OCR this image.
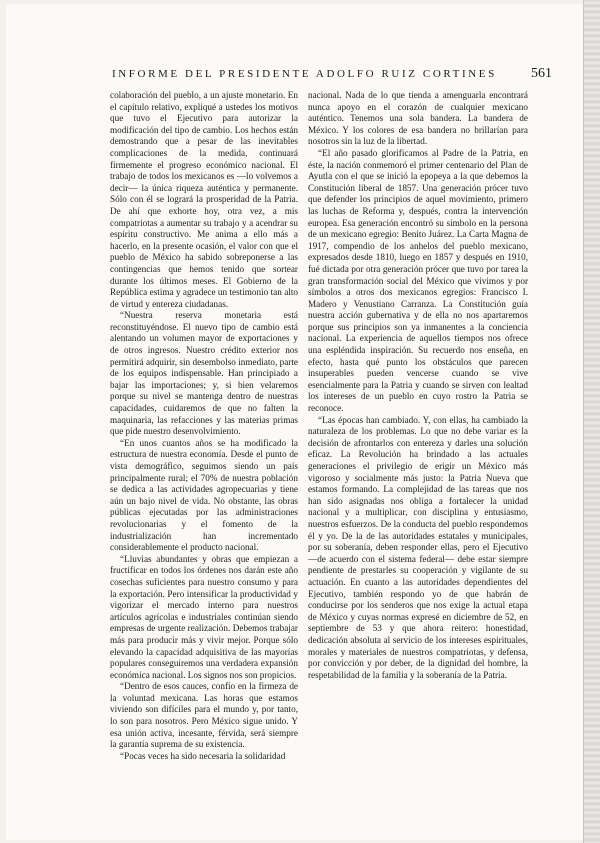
INFORME DEL PRESIDENTE ADOLFO RUIZ CORTINES	561

colaboración del pueblo, a un ajuste monetario. En el capítulo relativo, expliqué a ustedes los motivos que tuvo el Ejecutivo para autorizar la modificación del tipo de cambio. Los hechos están demostrando que a pesar de las inevitables complicaciones de la medida, continuará firmemente el progreso económico nacional. El trabajo de todos los mexicanos es —lo volvemos a decir— la única riqueza auténtica y permanente. Sólo con él se logrará la prosperidad de la Patria. De ahí que exhorte hoy, otra vez, a mis compatriotas a aumentar su trabajo y a acendrar su espíritu constructivo. Me anima a ello más a hacerlo, en la presente ocasión, el valor con que el pueblo de México ha sabido sobreponerse a las contingencias que hemos tenido que sortear durante los últimos meses. El Gobierno de la República estima y agradece un testimonio tan alto de virtud y entereza ciudadanas.

“Nuestra reserva monetaria está reconstituyéndose. El nuevo tipo de cambio está alentando un volumen mayor de exportaciones y de otros ingresos. Nuestro crédito exterior nos permitirá adquirir, sin desembolso inmediato, parte de los equipos indispensable. Han principiado a bajar las importaciones; y, si bien velaremos porque su nivel se mantenga dentro de nuestras capacidades, cuidaremos de que no falten la maquinaria, las refacciones y las materias primas que pide nuestro desenvolvimiento.

“En unos cuantos años se ha modificado la estructura de nuestra economía. Desde el punto de vista demográfico, seguimos siendo un país principalmente rural; el 70% de nuestra población se dedica a las actividades agropecuarias y tiene aún un bajo nivel de vida. No obstante, las obras públicas ejecutadas por las administraciones revolucionarias y el fomento de la industrialización han incrementado considerablemente el producto nacional.

“Lluvias abundantes y obras que empiezan a fructificar en todos los órdenes nos darán este año cosechas suficientes para nuestro consumo y para la exportación. Pero intensificar la productividad y vigorizar el mercado interno para nuestros artículos agrícolas e industriales continúan siendo empresas de urgente realización. Debemos trabajar más para producir más y vivir mejor. Porque sólo elevando la capacidad adquisitiva de las mayorías populares conseguiremos una verdadera expansión económica nacional. Los signos nos son propicios.

“Dentro de esos cauces, confío en la firmeza de la voluntad mexicana. Las horas que estamos viviendo son difíciles para el mundo y, por tanto, lo son para nosotros. Pero México sigue unido. Y esa unión activa, incesante, férvida, será siempre la garantía suprema de su existencia.

“Pocas veces ha sido necesaria la solidaridad

nacional. Nada de lo que tienda a amenguarla encontrará nunca apoyo en el corazón de cualquier mexicano auténtico. Tenemos una sola bandera. La bandera de México. Y los colores de esa bandera no brillarían para nosotros sin la luz de la libertad.

“El año pasado glorificamos al Padre de la Patria, en éste, la nación conmemoró el primer centenario del Plan de Ayutla con el que se inició la epopeya a la que debemos la Constitución liberal de 1857. Una generación prócer tuvo que defender los principios de aquel movimiento, primero las luchas de Reforma y, después, contra la intervención europea. Esa generación encontró su símbolo en la persona de un mexicano egregio: Benito Juárez. La Carta Magna de 1917, compendio de los anhelos del pueblo mexicano, expresados desde 1810, luego en 1857 y después en 1910, fué dictada por otra generación prócer que tuvo por tarea la gran transformación social del México que vivimos y por símbolos a otros dos mexicanos egregios: Francisco I. Madero y Venustiano Carranza. La Constitución guía nuestra acción gubernativa y de ella no nos apartaremos porque sus principios son ya inmanentes a la conciencia nacional. La experiencia de aquellos tiempos nos ofrece una espléndida inspiración. Su recuerdo nos enseña, en efecto, hasta qué punto los obstáculos que parecen insuperables pueden vencerse cuando se vive esencialmente para la Patria y cuando se sirven con lealtad los intereses de un pueblo en cuyo rostro la Patria se reconoce.

“Las épocas han cambiado. Y, con ellas, ha cambiado la naturaleza de los problemas. Lo que no debe variar es la decisión de afrontarlos con entereza y darles una solución eficaz. La Revolución ha brindado a las actuales generaciones el privilegio de erigir un México más vigoroso y socialmente más justo: la Patria Nueva que estamos formando. La complejidad de las tareas que nos han sido asignadas nos obliga a fortalecer la unidad nacional y a multiplicar, con disciplina y entusiasmo, nuestros esfuerzos. De la conducta del pueblo respondemos él y yo. De la de las autoridades estatales y municipales, por su soberanía, deben responder ellas, pero el Ejecutivo —de acuerdo con el sistema federal— debe estar siempre pendiente de prestarles su cooperación y vigilante de su actuación. En cuanto a las autoridades dependientes del Ejecutivo, también respondo yo de que habrán de conducirse por los senderos que nos exige la actual etapa de México y cuyas normas expresé en diciembre de 52, en septiembre de 53 y que ahora reitero: honestidad, dedicación absoluta al servicio de los intereses espirituales, morales y materiales de nuestros compatriotas, y defensa, por convicción y por deber, de la dignidad del hombre, la respetabilidad de la familia y la soberanía de la Patria.
